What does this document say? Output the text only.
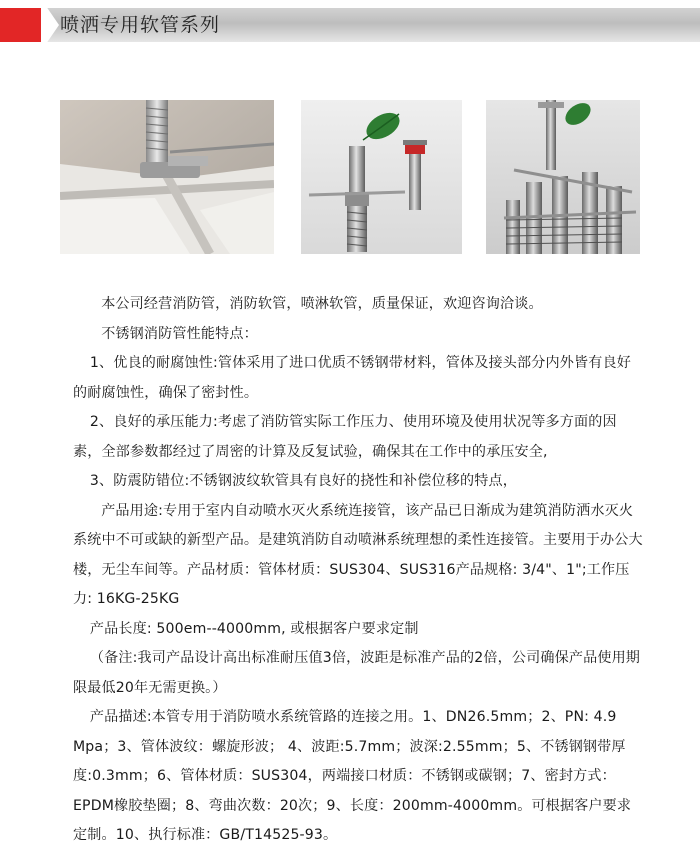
喷洒专用软管系列

本公司经营消防管，消防软管，喷淋软管，质量保证，欢迎咨询洽谈。

不锈钢消防管性能特点：

1、优良的耐腐蚀性:管体采用了进口优质不锈钢带材料，管体及接头部分内外皆有良好的耐腐蚀性，确保了密封性。

2、良好的承压能力:考虑了消防管实际工作压力、使用环境及使用状况等多方面的因素，全部参数都经过了周密的计算及反复试验，确保其在工作中的承压安全,

3、防震防错位:不锈钢波纹软管具有良好的挠性和补偿位移的特点，

产品用途:专用于室内自动喷水灭火系统连接管，该产品已日渐成为建筑消防洒水灭火系统中不可或缺的新型产品。是建筑消防自动喷淋系统理想的柔性连接管。主要用于办公大楼，无尘车间等。产品材质：管体材质：SUS304、SUS316产品规格: 3/4"、1";工作压力: 16KG-25KG

产品长度: 500em--4000mm, 或根据客户要求定制

（备注:我司产品设计高出标准耐压值3倍，波距是标准产品的2倍，公司确保产品使用期限最低20年无需更换。）

产品描述:本管专用于消防喷水系统管路的连接之用。1、DN26.5mm；2、PN: 4.9 Mpa；3、管体波纹：螺旋形波； 4、波距:5.7mm；波深:2.55mm；5、不锈钢钢带厚度:0.3mm；6、管体材质：SUS304，两端接口材质：不锈钢或碳钢；7、密封方式：EPDM橡胶垫圈；8、弯曲次数：20次；9、长度：200mm-4000mm。可根据客户要求定制。10、执行标准：GB/T14525-93。
